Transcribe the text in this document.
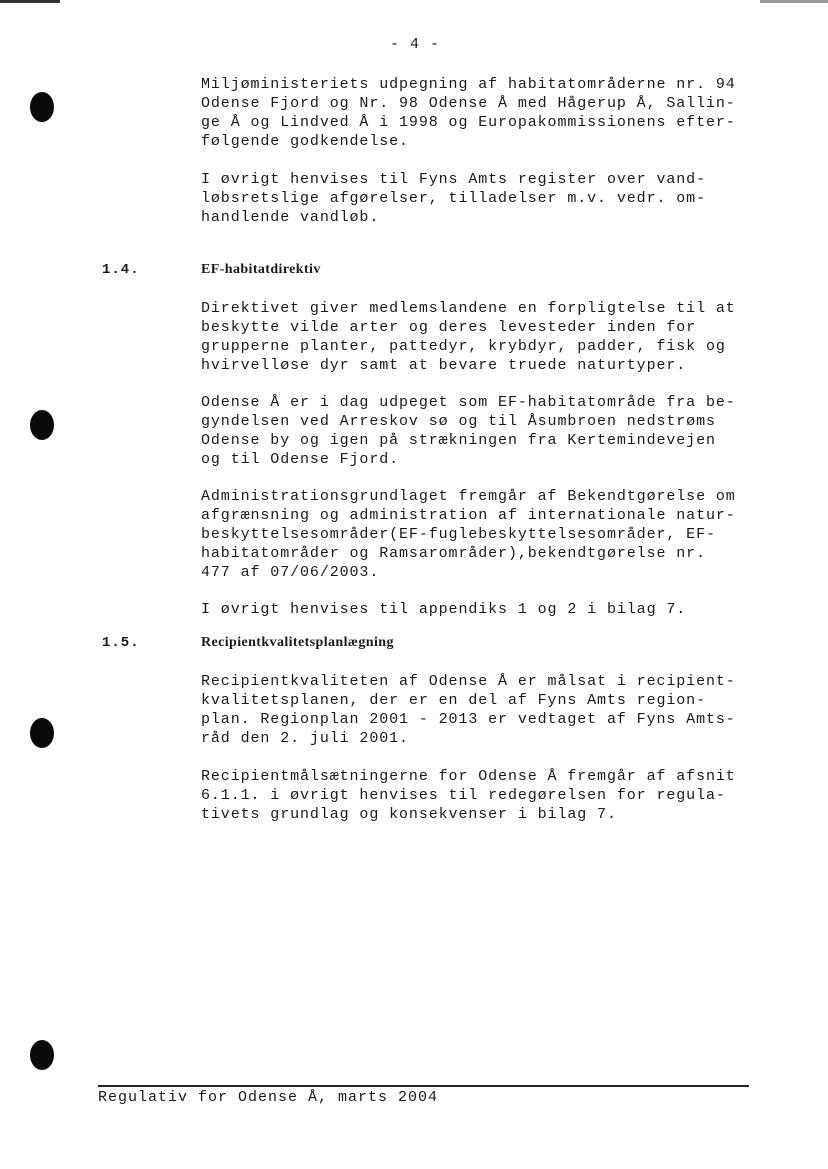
- 4 -

Miljøministeriets udpegning af habitatområderne nr. 94
Odense Fjord og Nr. 98 Odense Å med Hågerup Å, Sallin-
ge Å og Lindved Å i 1998 og Europakommissionens efter-
følgende godkendelse.

I øvrigt henvises til Fyns Amts register over vand-
løbsretslige afgørelser, tilladelser m.v. vedr. om-
handlende vandløb.

1.4.	EF-habitatdirektiv

Direktivet giver medlemslandene en forpligtelse til at
beskytte vilde arter og deres levesteder inden for
grupperne planter, pattedyr, krybdyr, padder, fisk og
hvirvelløse dyr samt at bevare truede naturtyper.

Odense Å er i dag udpeget som EF-habitatområde fra be-
gyndelsen ved Arreskov sø og til Åsumbroen nedstrøms
Odense by og igen på strækningen fra Kertemindevejen
og til Odense Fjord.

Administrationsgrundlaget fremgår af Bekendtgørelse om
afgrænsning og administration af internationale natur-
beskyttelsesområder(EF-fuglebeskyttelsesområder, EF-
habitatområder og Ramsarområder),bekendtgørelse nr.
477 af 07/06/2003.

I øvrigt henvises til appendiks 1 og 2 i bilag 7.

1.5.	Recipientkvalitetsplanlægning

Recipientkvaliteten af Odense Å er målsat i recipient-
kvalitetsplanen, der er en del af Fyns Amts region-
plan. Regionplan 2001 - 2013 er vedtaget af Fyns Amts-
råd den 2. juli 2001.

Recipientmålsætningerne for Odense Å fremgår af afsnit
6.1.1. i øvrigt henvises til redegørelsen for regula-
tivets grundlag og konsekvenser i bilag 7.

Regulativ for Odense Å, marts 2004
